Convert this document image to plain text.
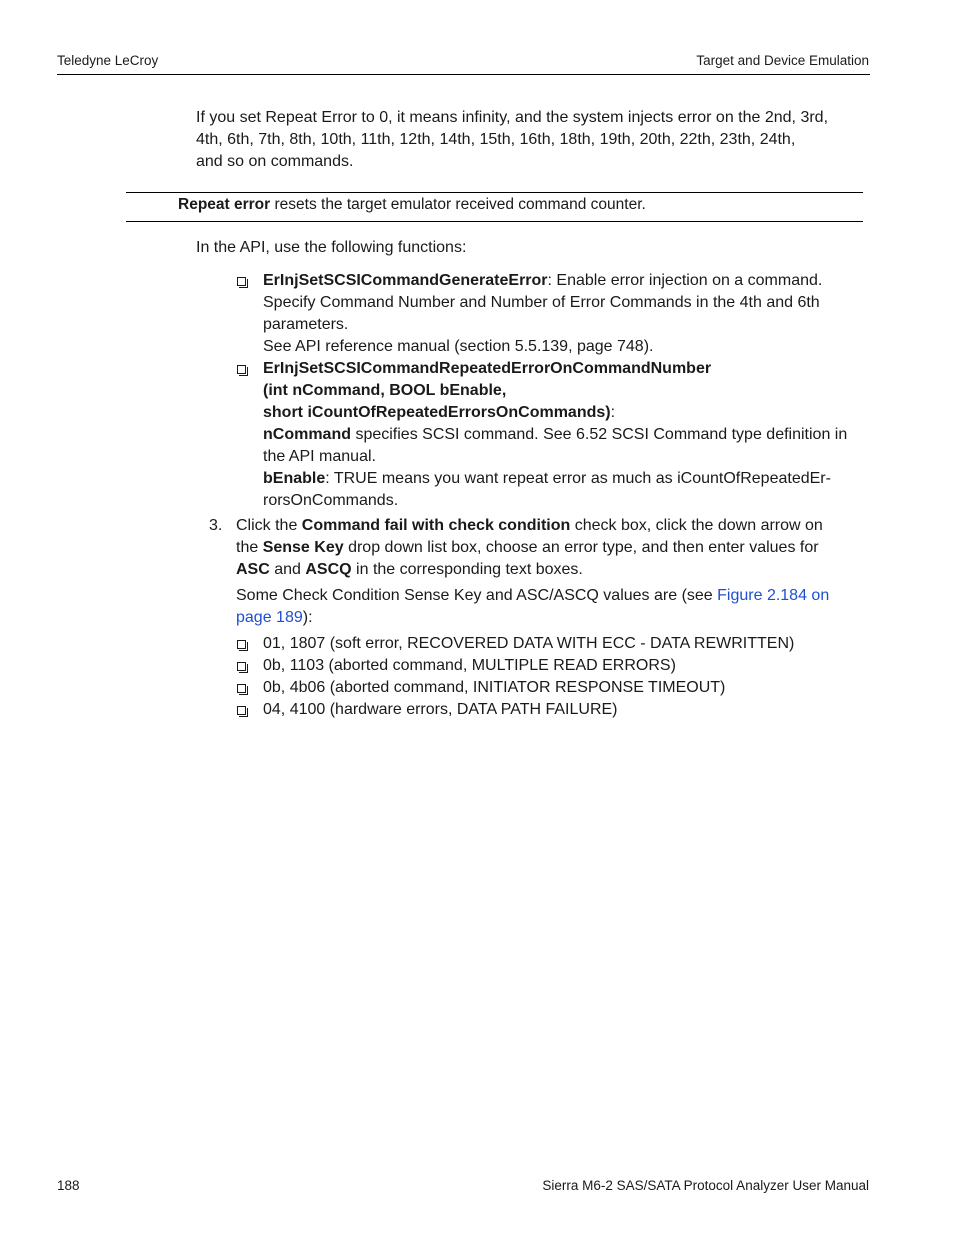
Teledyne LeCroy	Target and Device Emulation
If you set Repeat Error to 0, it means infinity, and the system injects error on the 2nd, 3rd,
4th, 6th, 7th, 8th, 10th, 11th, 12th, 14th, 15th, 16th, 18th, 19th, 20th, 22th, 23th, 24th,
and so on commands.
Repeat error resets the target emulator received command counter.
In the API, use the following functions:
ErInjSetSCSICommandGenerateError: Enable error injection on a command.
Specify Command Number and Number of Error Commands in the 4th and 6th
parameters.
See API reference manual (section 5.5.139, page 748).
ErInjSetSCSICommandRepeatedErrorOnCommandNumber
(int nCommand, BOOL bEnable,
short iCountOfRepeatedErrorsOnCommands):
nCommand specifies SCSI command. See 6.52 SCSI Command type definition in
the API manual.
bEnable: TRUE means you want repeat error as much as iCountOfRepeatedEr-
rorsOnCommands.
3. Click the Command fail with check condition check box, click the down arrow on
the Sense Key drop down list box, choose an error type, and then enter values for
ASC and ASCQ in the corresponding text boxes.
Some Check Condition Sense Key and ASC/ASCQ values are (see Figure 2.184 on
page 189):
01, 1807 (soft error, RECOVERED DATA WITH ECC - DATA REWRITTEN)
0b, 1103 (aborted command, MULTIPLE READ ERRORS)
0b, 4b06 (aborted command, INITIATOR RESPONSE TIMEOUT)
04, 4100 (hardware errors, DATA PATH FAILURE)
188	Sierra M6-2 SAS/SATA Protocol Analyzer User Manual
